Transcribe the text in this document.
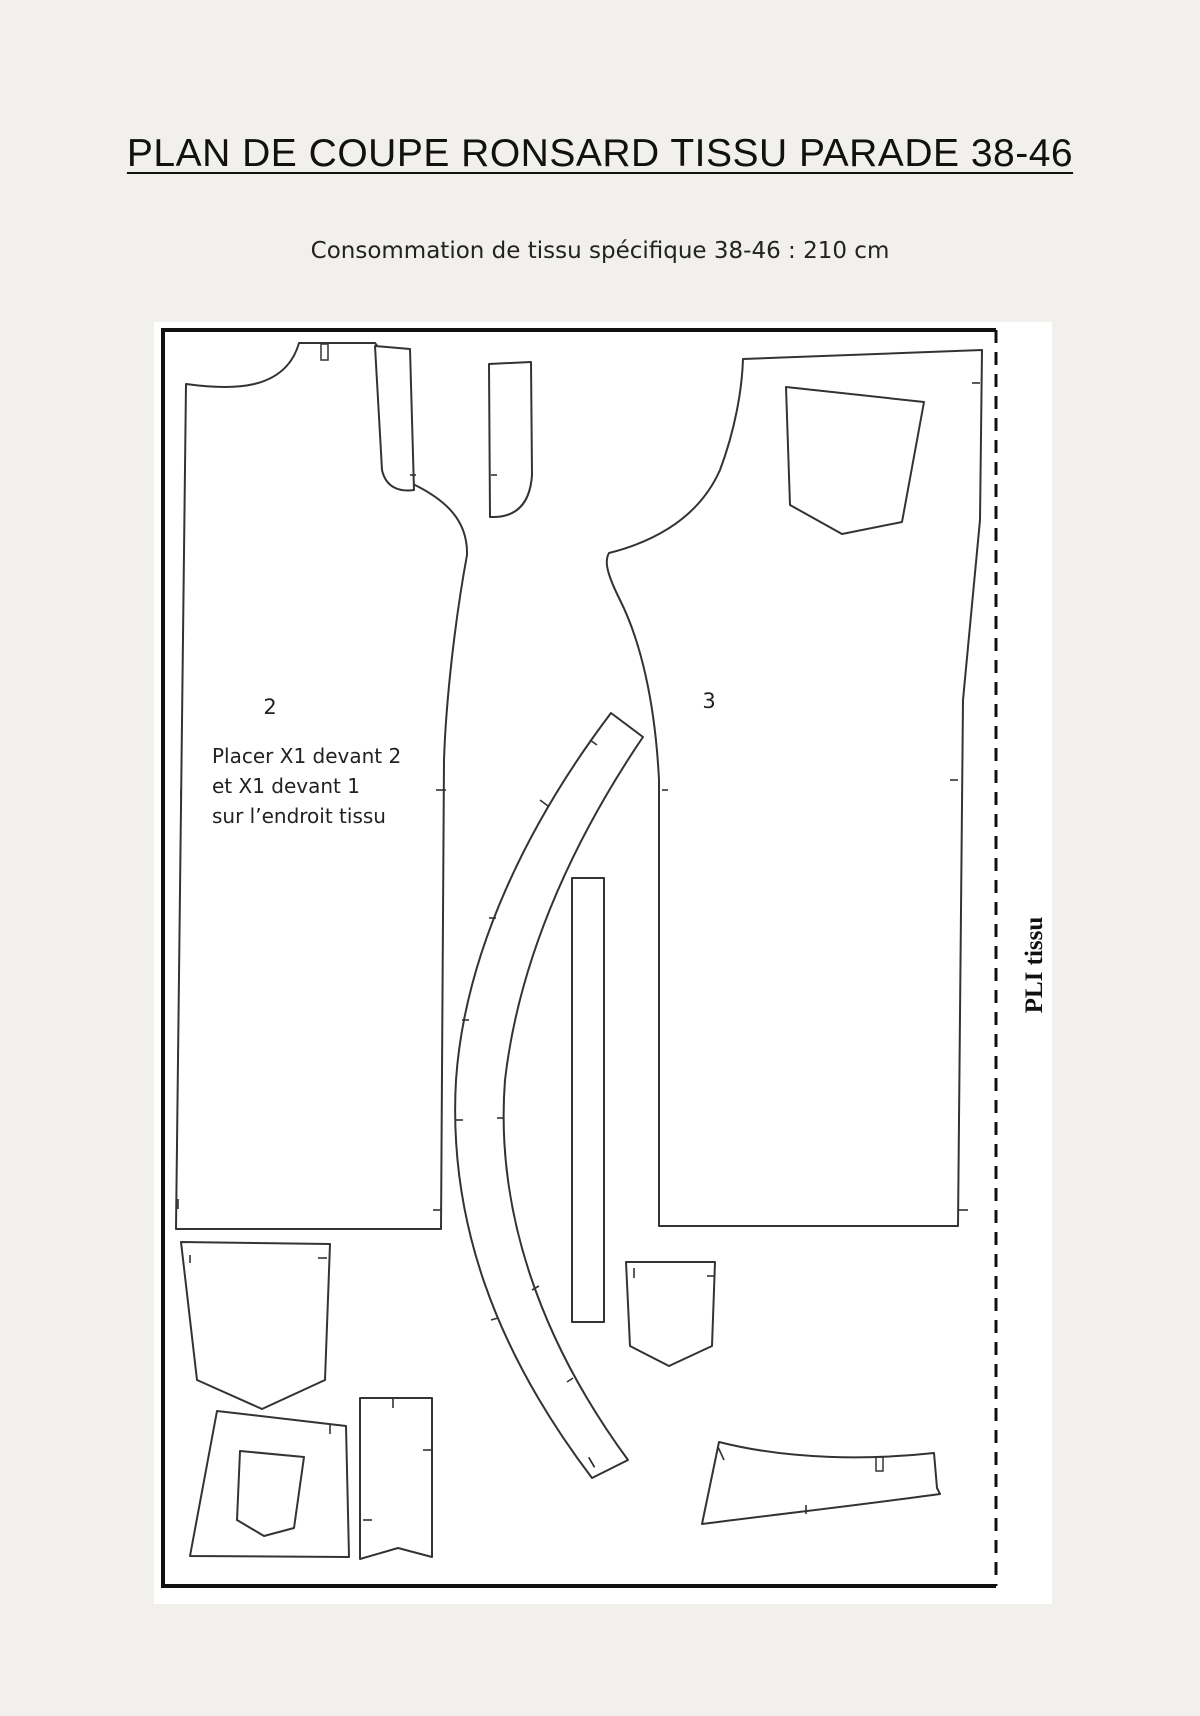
PLAN DE COUPE RONSARD TISSU PARADE 38-46
Consommation de tissu spécifique 38-46 : 210 cm
PLI tissu
I
2	3
Placer X1 devant 2
et X1 devant 1
sur l’endroit tissu
